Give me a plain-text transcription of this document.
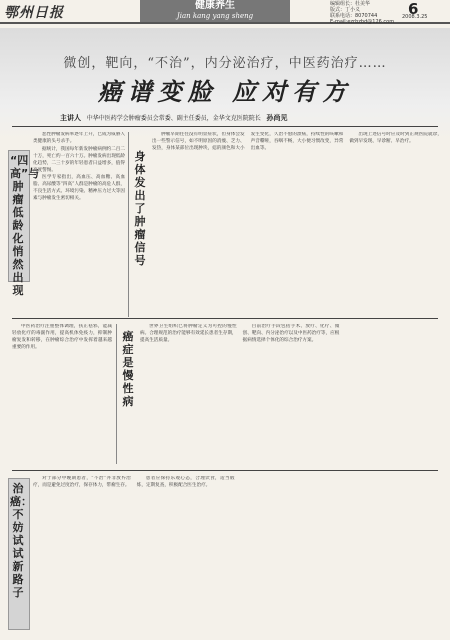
鄂州日报	健康养生
Jian kang yang sheng
编辑组长：杜美华
版式：丁小义
联系电话：8070744
E-mail:ezrbzbd@126.com
6
2008.3.25
微创，靶向，“不治”，内分泌治疗，中医药治疗……
癌谱变脸 应对有方
主讲人 中华中医药学会肿瘤委员会常委、副主任委员，金华文克医院院长 孙尚见
“四高”与肿瘤低龄化悄然出现

恶性肿瘤发病率逐年上升，已成为威胁人类健康的头号杀手。

据统计，我国每年新发肿瘤病例约二百二十万，死亡约一百六十万。肿瘤发病出现低龄化趋势，二三十岁的年轻患者日益增多，值得高度警惕。

医学专家指出，高血压、高血糖、高血脂、高尿酸等“四高”人群是肿瘤的高危人群，不良生活方式、环境污染、精神压力过大等因素与肿瘤发生密切相关。

身体发出了肿瘤信号

肿瘤早期往往没有明显症状，但身体会发出一些警示信号，如不明原因的消瘦、乏力、发热，身体某部位出现肿块，痣的颜色和大小发生变化，久治不愈的溃疡，持续性的咳嗽和声音嘶哑，吞咽不畅，大小便习惯改变，异常出血等。

出现上述信号时应及时到正规医院就诊，做到早发现、早诊断、早治疗。

中医药治疗注重整体调理，扶正祛邪，能减轻放化疗的毒副作用，提高机体免疫力，抑制肿瘤复发和转移，在肿瘤综合治疗中发挥着越来越重要的作用。

癌症是慢性病

世界卫生组织已将肿瘤定义为可控的慢性病。合理规范的治疗能够有效延长患者生存期，提高生活质量。

目前治疗手段包括手术、放疗、化疗、微创、靶向、内分泌治疗以及中医药治疗等，应根据病情选择个体化的综合治疗方案。

治癌：不妨试试新路子

对于部分中晚期患者，“不治”并非放弃治疗，而是避免过度治疗，保存体力，带瘤生存。

患者应保持乐观心态，合理饮食，适当锻炼，定期复查，积极配合医生治疗。
